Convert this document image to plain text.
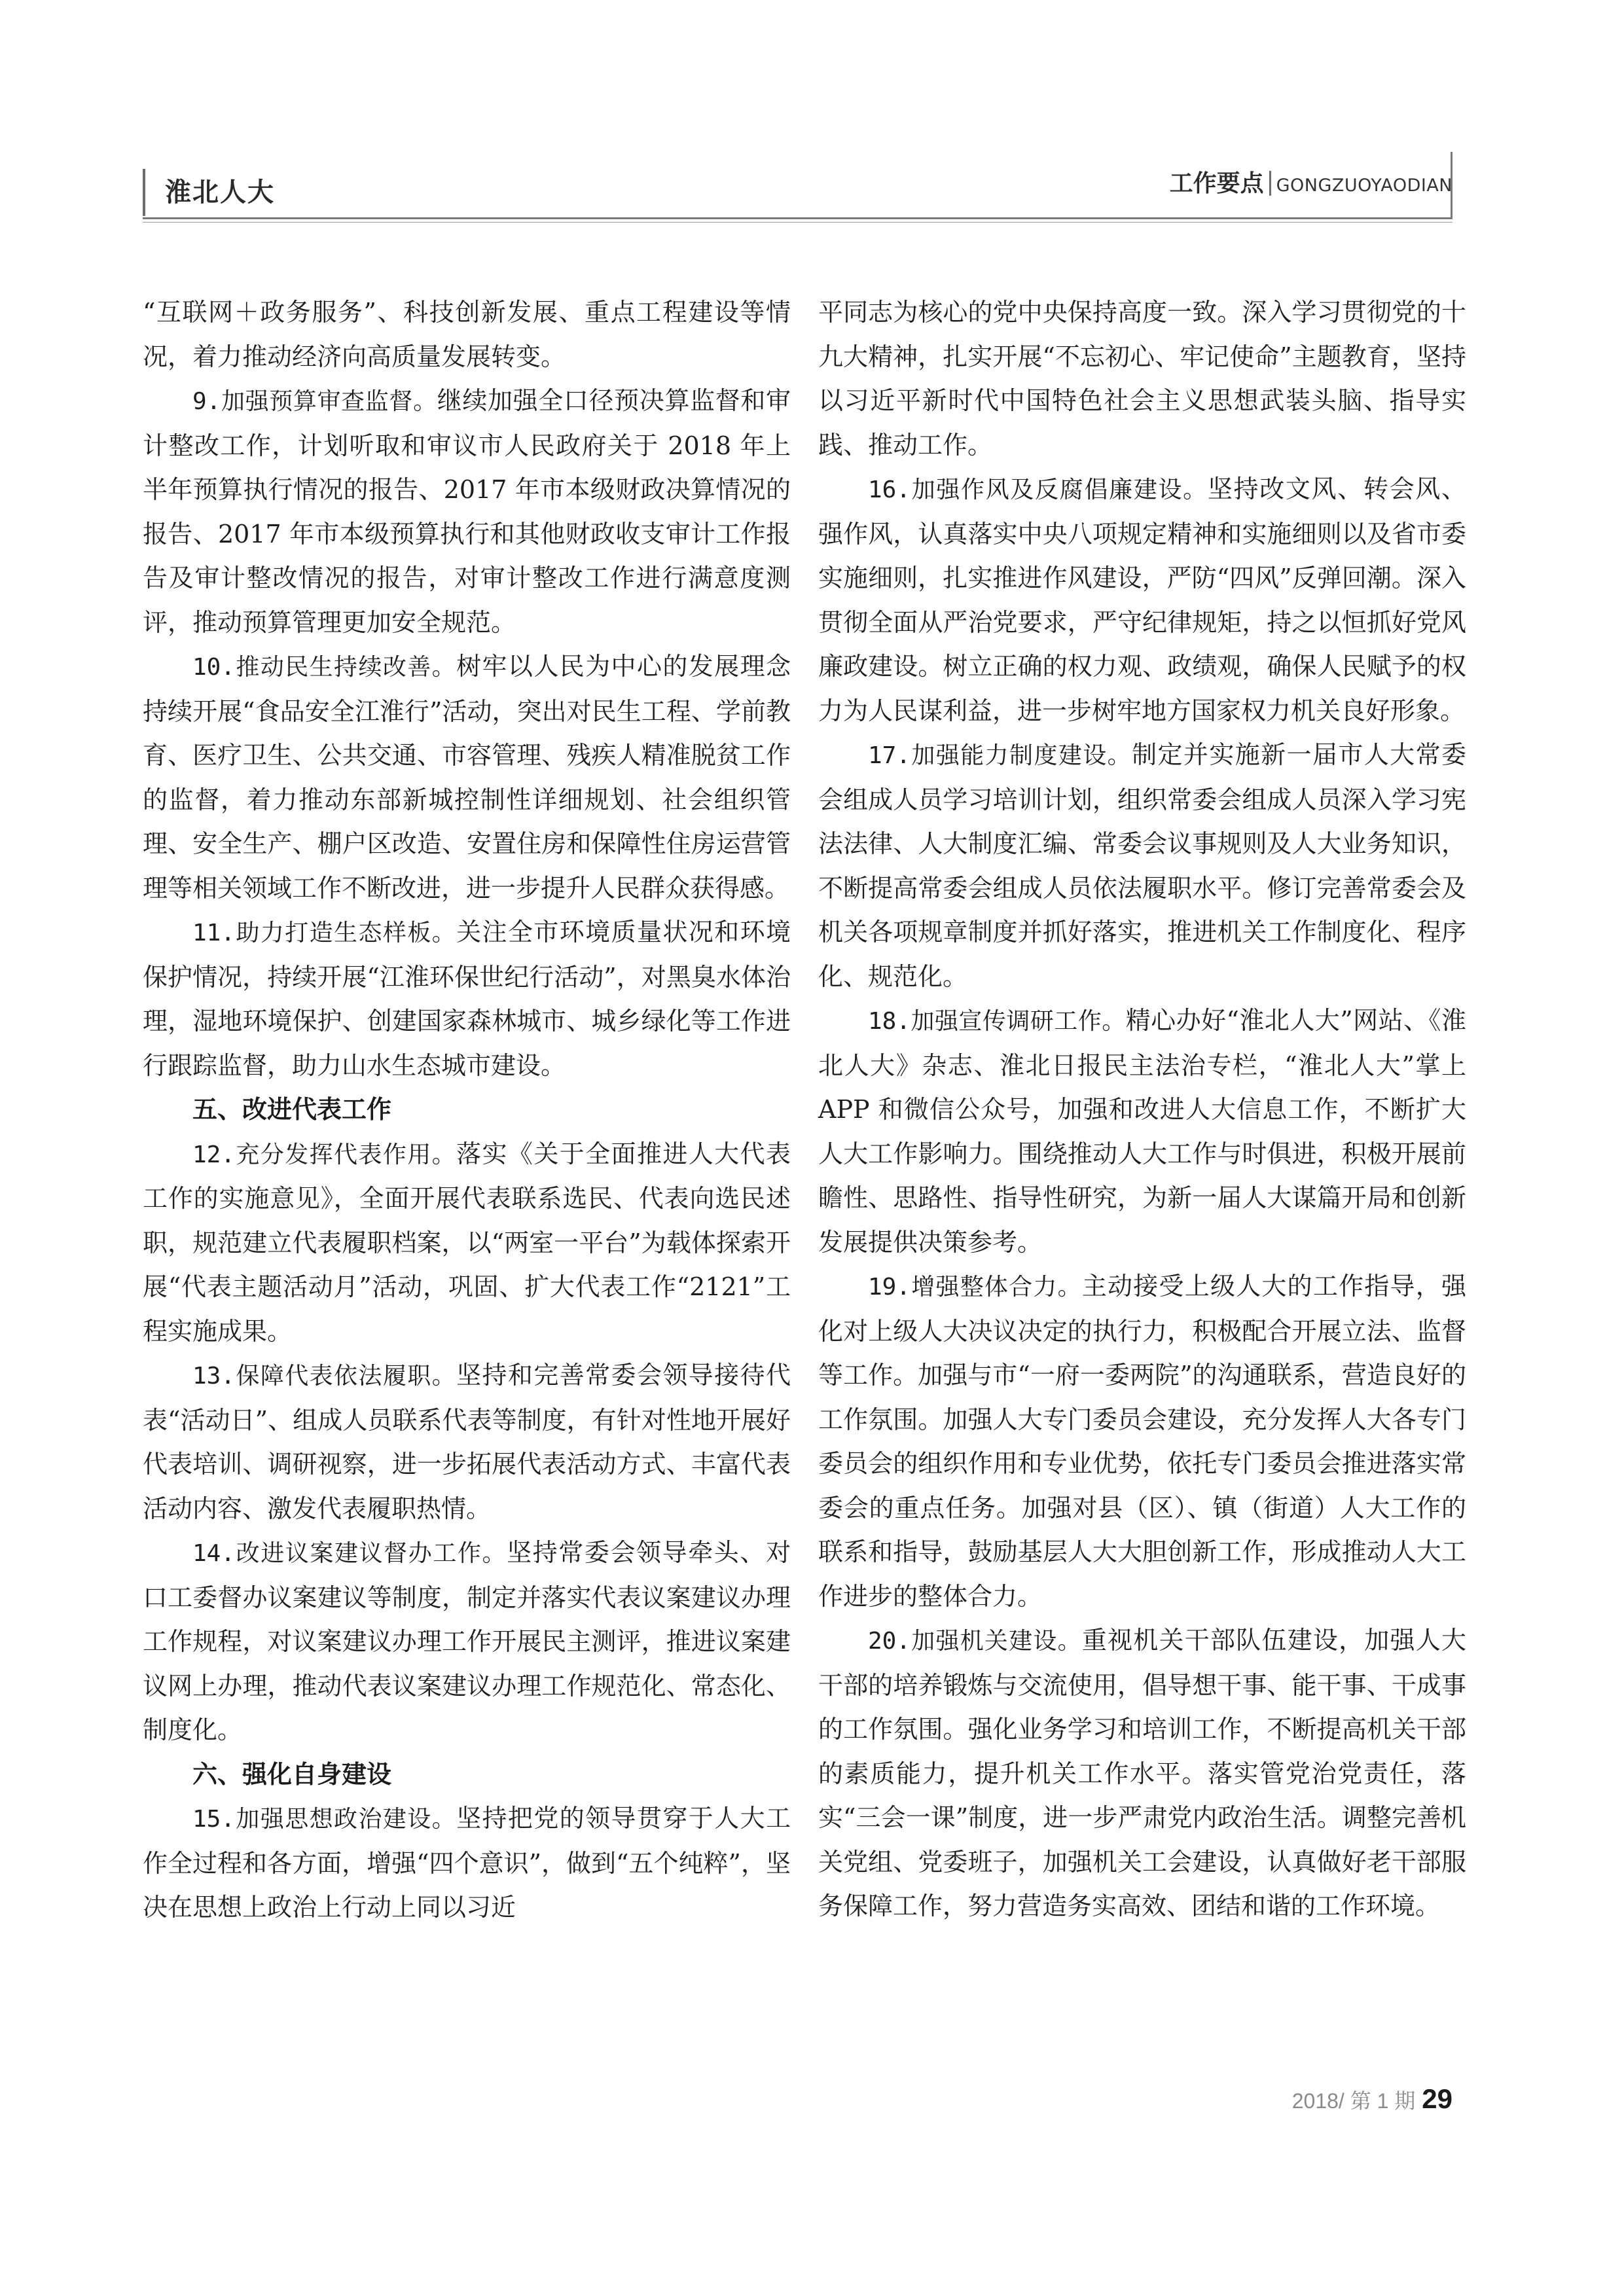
淮北人大	工作要点 GONGZUOYAODIAN

“互联网＋政务服务”、科技创新发展、重点工程建设等情况，着力推动经济向高质量发展转变。

9.加强预算审查监督。继续加强全口径预决算监督和审计整改工作，计划听取和审议市人民政府关于 2018 年上半年预算执行情况的报告、2017 年市本级财政决算情况的报告、2017 年市本级预算执行和其他财政收支审计工作报告及审计整改情况的报告，对审计整改工作进行满意度测评，推动预算管理更加安全规范。

10.推动民生持续改善。树牢以人民为中心的发展理念持续开展“食品安全江淮行”活动，突出对民生工程、学前教育、医疗卫生、公共交通、市容管理、残疾人精准脱贫工作的监督，着力推动东部新城控制性详细规划、社会组织管理、安全生产、棚户区改造、安置住房和保障性住房运营管理等相关领域工作不断改进，进一步提升人民群众获得感。

11.助力打造生态样板。关注全市环境质量状况和环境保护情况，持续开展“江淮环保世纪行活动”，对黑臭水体治理，湿地环境保护、创建国家森林城市、城乡绿化等工作进行跟踪监督，助力山水生态城市建设。

五、改进代表工作

12.充分发挥代表作用。落实《关于全面推进人大代表工作的实施意见》，全面开展代表联系选民、代表向选民述职，规范建立代表履职档案，以“两室一平台”为载体探索开展“代表主题活动月”活动，巩固、扩大代表工作“2121”工程实施成果。

13.保障代表依法履职。坚持和完善常委会领导接待代表“活动日”、组成人员联系代表等制度，有针对性地开展好代表培训、调研视察，进一步拓展代表活动方式、丰富代表活动内容、激发代表履职热情。

14.改进议案建议督办工作。坚持常委会领导牵头、对口工委督办议案建议等制度，制定并落实代表议案建议办理工作规程，对议案建议办理工作开展民主测评，推进议案建议网上办理，推动代表议案建议办理工作规范化、常态化、制度化。

六、强化自身建设

15.加强思想政治建设。坚持把党的领导贯穿于人大工作全过程和各方面，增强“四个意识”，做到“五个纯粹”，坚决在思想上政治上行动上同以习近

平同志为核心的党中央保持高度一致。深入学习贯彻党的十九大精神，扎实开展“不忘初心、牢记使命”主题教育，坚持以习近平新时代中国特色社会主义思想武装头脑、指导实践、推动工作。

16.加强作风及反腐倡廉建设。坚持改文风、转会风、强作风，认真落实中央八项规定精神和实施细则以及省市委实施细则，扎实推进作风建设，严防“四风”反弹回潮。深入贯彻全面从严治党要求，严守纪律规矩，持之以恒抓好党风廉政建设。树立正确的权力观、政绩观，确保人民赋予的权力为人民谋利益，进一步树牢地方国家权力机关良好形象。

17.加强能力制度建设。制定并实施新一届市人大常委会组成人员学习培训计划，组织常委会组成人员深入学习宪法法律、人大制度汇编、常委会议事规则及人大业务知识，不断提高常委会组成人员依法履职水平。修订完善常委会及机关各项规章制度并抓好落实，推进机关工作制度化、程序化、规范化。

18.加强宣传调研工作。精心办好“淮北人大”网站、《淮北人大》杂志、淮北日报民主法治专栏，“淮北人大”掌上 APP 和微信公众号，加强和改进人大信息工作，不断扩大人大工作影响力。围绕推动人大工作与时俱进，积极开展前瞻性、思路性、指导性研究，为新一届人大谋篇开局和创新发展提供决策参考。

19.增强整体合力。主动接受上级人大的工作指导，强化对上级人大决议决定的执行力，积极配合开展立法、监督等工作。加强与市“一府一委两院”的沟通联系，营造良好的工作氛围。加强人大专门委员会建设，充分发挥人大各专门委员会的组织作用和专业优势，依托专门委员会推进落实常委会的重点任务。加强对县（区）、镇（街道）人大工作的联系和指导，鼓励基层人大大胆创新工作，形成推动人大工作进步的整体合力。

20.加强机关建设。重视机关干部队伍建设，加强人大干部的培养锻炼与交流使用，倡导想干事、能干事、干成事的工作氛围。强化业务学习和培训工作，不断提高机关干部的素质能力，提升机关工作水平。落实管党治党责任，落实“三会一课”制度，进一步严肃党内政治生活。调整完善机关党组、党委班子，加强机关工会建设，认真做好老干部服务保障工作，努力营造务实高效、团结和谐的工作环境。

2018/ 第 1 期 29
